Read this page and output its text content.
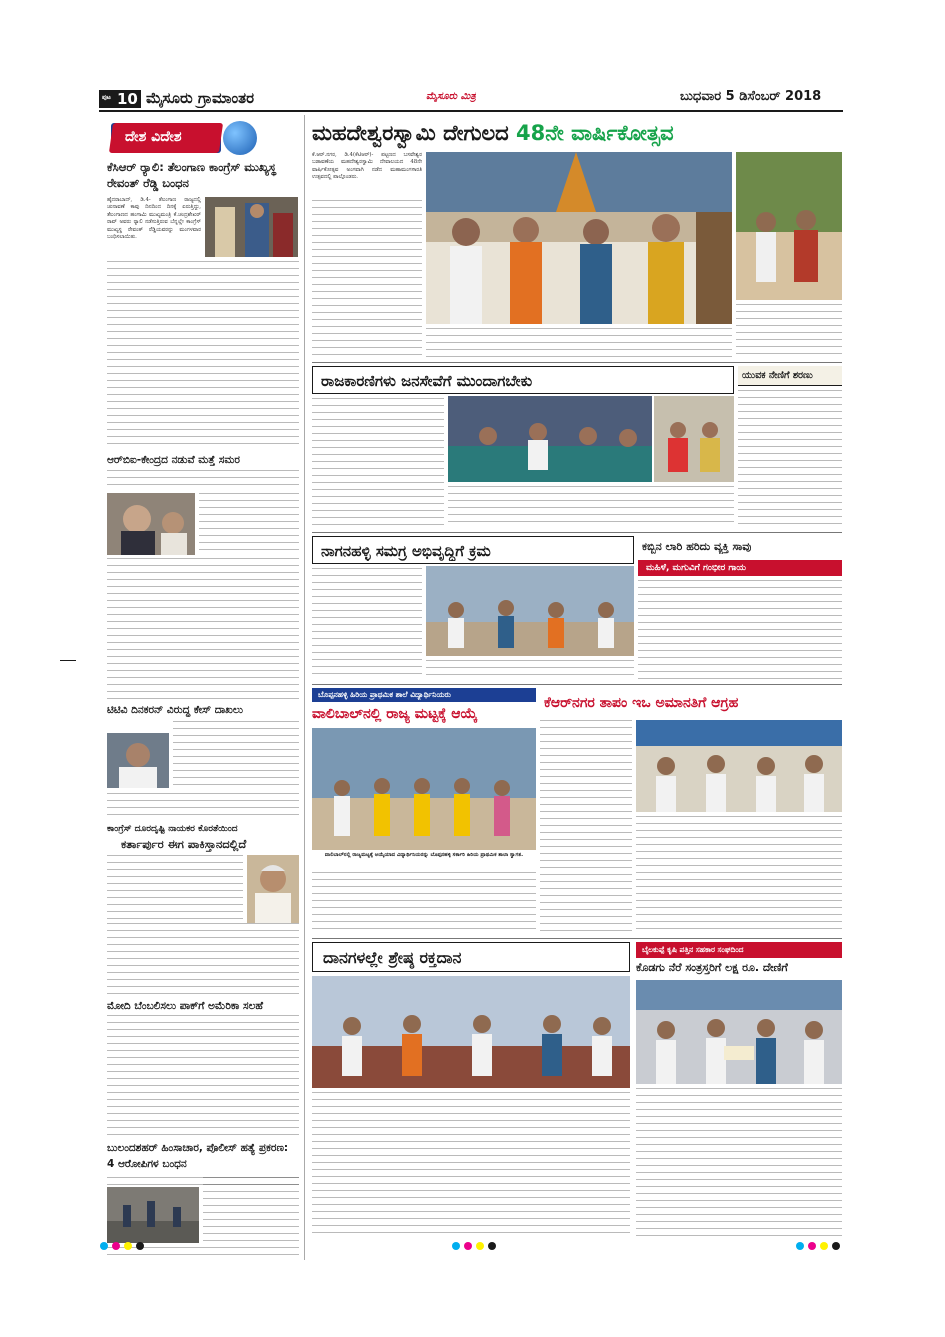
ಪುಟ 10 ಮೈಸೂರು ಗ್ರಾಮಾಂತರ	ಮೈಸೂರು ಮಿತ್ರ	ಬುಧವಾರ 5 ಡಿಸೆಂಬರ್ 2018
ದೇಶ ವಿದೇಶ
ಕೆಸಿಆರ್ ರ‍್ಯಾಲಿ: ತೆಲಂಗಾಣ ಕಾಂಗ್ರೆಸ್ ಮುಖ್ಯಸ್ಥ ರೇವಂತ್ ರೆಡ್ಡಿ ಬಂಧನ
ಹೈದರಾಬಾದ್, ಡಿ.4- ತೆಲಂಗಾಣ ರಾಜ್ಯದಲ್ಲಿ ಚುನಾವಣೆ ಕಾವು ದಿನದಿಂದ ದಿನಕ್ಕೆ ಏರುತ್ತಿದ್ದು, ತೆಲಂಗಾಣದ ಹಂಗಾಮಿ ಮುಖ್ಯಮಂತ್ರಿ ಕೆ.ಚಂದ್ರಶೇಖರ್ ರಾವ್ ಅವರು ರ‍್ಯಾಲಿ ನಡೆಸುತ್ತಿರುವ ಬೆನ್ನಲ್ಲೇ ಕಾಂಗ್ರೆಸ್ ಮುಖ್ಯಸ್ಥ ರೇವಂತ್ ರೆಡ್ಡಿಯವರನ್ನು ಮಂಗಳವಾರ ಬಂಧಿಸಲಾಯಿತು.
ಆರ್‌ಬಿಐ-ಕೇಂದ್ರದ ನಡುವೆ ಮತ್ತೆ ಸಮರ
ಟಿಟಿವಿ ದಿನಕರನ್ ವಿರುದ್ಧ ಕೇಸ್ ದಾಖಲು
ಕಾಂಗ್ರೆಸ್ ದೂರದೃಷ್ಟಿ ನಾಯಕರ ಕೊರತೆಯಿಂದ
ಕರ್ತಾರ್ಪುರ ಈಗ ಪಾಕಿಸ್ತಾನದಲ್ಲಿದೆ
ಮೋದಿ ಬೆಂಬಲಿಸಲು ಪಾಕ್‌ಗೆ ಅಮೆರಿಕಾ ಸಲಹೆ
ಬುಲಂದಶಹರ್ ಹಿಂಸಾಚಾರ, ಪೊಲೀಸ್ ಹತ್ಯೆ ಪ್ರಕರಣ: 4 ಆರೋಪಿಗಳ ಬಂಧನ
ಮಹದೇಶ್ವರಸ್ವಾಮಿ ದೇಗುಲದ 48ನೇ ವಾರ್ಷಿಕೋತ್ಸವ
ಕೆ.ಆರ್.ನಗರ, ಡಿ.4(ಕೆಟಿಆರ್)- ಪಟ್ಟಣದ ಬಸವೇಶ್ವರ ಬಡಾವಣೆಯ ಮಹದೇಶ್ವರಸ್ವಾಮಿ ದೇವಾಲಯದ 48ನೇ ವಾರ್ಷಿಕೋತ್ಸವ ಅಂಗವಾಗಿ ನಡೆದ ಮಹಾಮಂಗಳಾರತಿ ಉತ್ಸವದಲ್ಲಿ ಪಾಲ್ಗೊಂಡರು.
ರಾಜಕಾರಣಿಗಳು ಜನಸೇವೆಗೆ ಮುಂದಾಗಬೇಕು	ಯುವಕ ನೇಣಿಗೆ ಶರಣು
ನಾಗನಹಳ್ಳಿ ಸಮಗ್ರ ಅಭಿವೃದ್ಧಿಗೆ ಕ್ರಮ	ಕಬ್ಬಿನ ಲಾರಿ ಹರಿದು ವ್ಯಕ್ತಿ ಸಾವು
ಮಹಿಳೆ, ಮಗುವಿಗೆ ಗಂಭೀರ ಗಾಯ
ಬೊಪ್ಪನಹಳ್ಳಿ ಹಿರಿಯ ಪ್ರಾಥಮಿಕ ಶಾಲೆ ವಿದ್ಯಾರ್ಥಿನಿಯರು
ವಾಲಿಬಾಲ್‌ನಲ್ಲಿ ರಾಜ್ಯ ಮಟ್ಟಕ್ಕೆ ಆಯ್ಕೆ
ವಾಲಿಬಾಲ್‌ನಲ್ಲಿ ರಾಜ್ಯಮಟ್ಟಕ್ಕೆ ಆಯ್ಕೆಯಾದ ವಿದ್ಯಾರ್ಥಿನಿಯರನ್ನು ಬೊಪ್ಪನಹಳ್ಳಿ ಸರ್ಕಾರಿ ಹಿರಿಯ ಪ್ರಾಥಮಿಕ ಶಾಲಾ ಸ್ವಾಗತ.
ಕೆಆರ್‌ನಗರ ತಾಪಂ ಇಒ ಅಮಾನತಿಗೆ ಆಗ್ರಹ
ದಾನಗಳಲ್ಲೇ ಶ್ರೇಷ್ಠ ರಕ್ತದಾನ	ಬೈಲಕುಪ್ಪೆ ಕೃಷಿ ಪತ್ತಿನ ಸಹಕಾರ ಸಂಘದಿಂದ
ಕೊಡಗು ನೆರೆ ಸಂತ್ರಸ್ತರಿಗೆ ಲಕ್ಷ ರೂ. ದೇಣಿಗೆ
